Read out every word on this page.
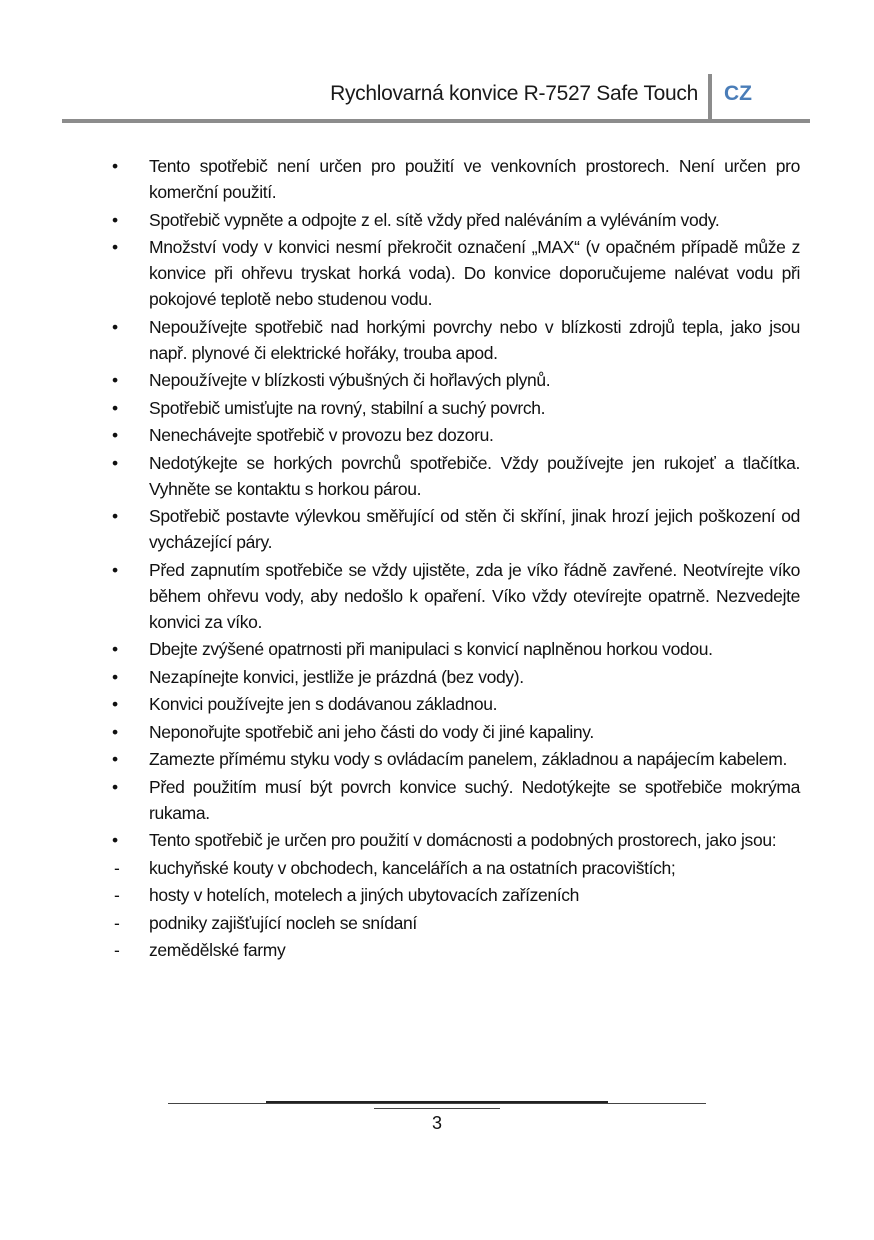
Rychlovarná konvice R-7527 Safe Touch CZ
•	Tento spotřebič není určen pro použití ve venkovních prostorech. Není určen pro komerční použití.
•	Spotřebič vypněte a odpojte z el. sítě vždy před naléváním a vyléváním vody.
•	Množství vody v konvici nesmí překročit označení „MAX“ (v opačném případě může z konvice při ohřevu tryskat horká voda). Do konvice doporučujeme nalévat vodu při pokojové teplotě nebo studenou vodu.
•	Nepoužívejte spotřebič nad horkými povrchy nebo v blízkosti zdrojů tepla, jako jsou např. plynové či elektrické hořáky, trouba apod.
•	Nepoužívejte v blízkosti výbušných či hořlavých plynů.
•	Spotřebič umisťujte na rovný, stabilní a suchý povrch.
•	Nenechávejte spotřebič v provozu bez dozoru.
•	Nedotýkejte se horkých povrchů spotřebiče. Vždy používejte jen rukojeť a tlačítka. Vyhněte se kontaktu s horkou párou.
•	Spotřebič postavte výlevkou směřující od stěn či skříní, jinak hrozí jejich poškození od vycházející páry.
•	Před zapnutím spotřebiče se vždy ujistěte, zda je víko řádně zavřené. Neotvírejte víko během ohřevu vody, aby nedošlo k opaření. Víko vždy otevírejte opatrně. Nezvedejte konvici za víko.
•	Dbejte zvýšené opatrnosti při manipulaci s konvicí naplněnou horkou vodou.
•	Nezapínejte konvici, jestliže je prázdná (bez vody).
•	Konvici používejte jen s dodávanou základnou.
•	Neponořujte spotřebič ani jeho části do vody či jiné kapaliny.
•	Zamezte přímému styku vody s ovládacím panelem, základnou a napájecím kabelem.
•	Před použitím musí být povrch konvice suchý. Nedotýkejte se spotřebiče mokrýma rukama.
•	Tento spotřebič je určen pro použití v domácnosti a podobných prostorech, jako jsou:
-	kuchyňské kouty v obchodech, kancelářích a na ostatních pracovištích;
-	hosty v hotelích, motelech a jiných ubytovacích zařízeních
-	podniky zajišťující nocleh se snídaní
-	zemědělské farmy
3
